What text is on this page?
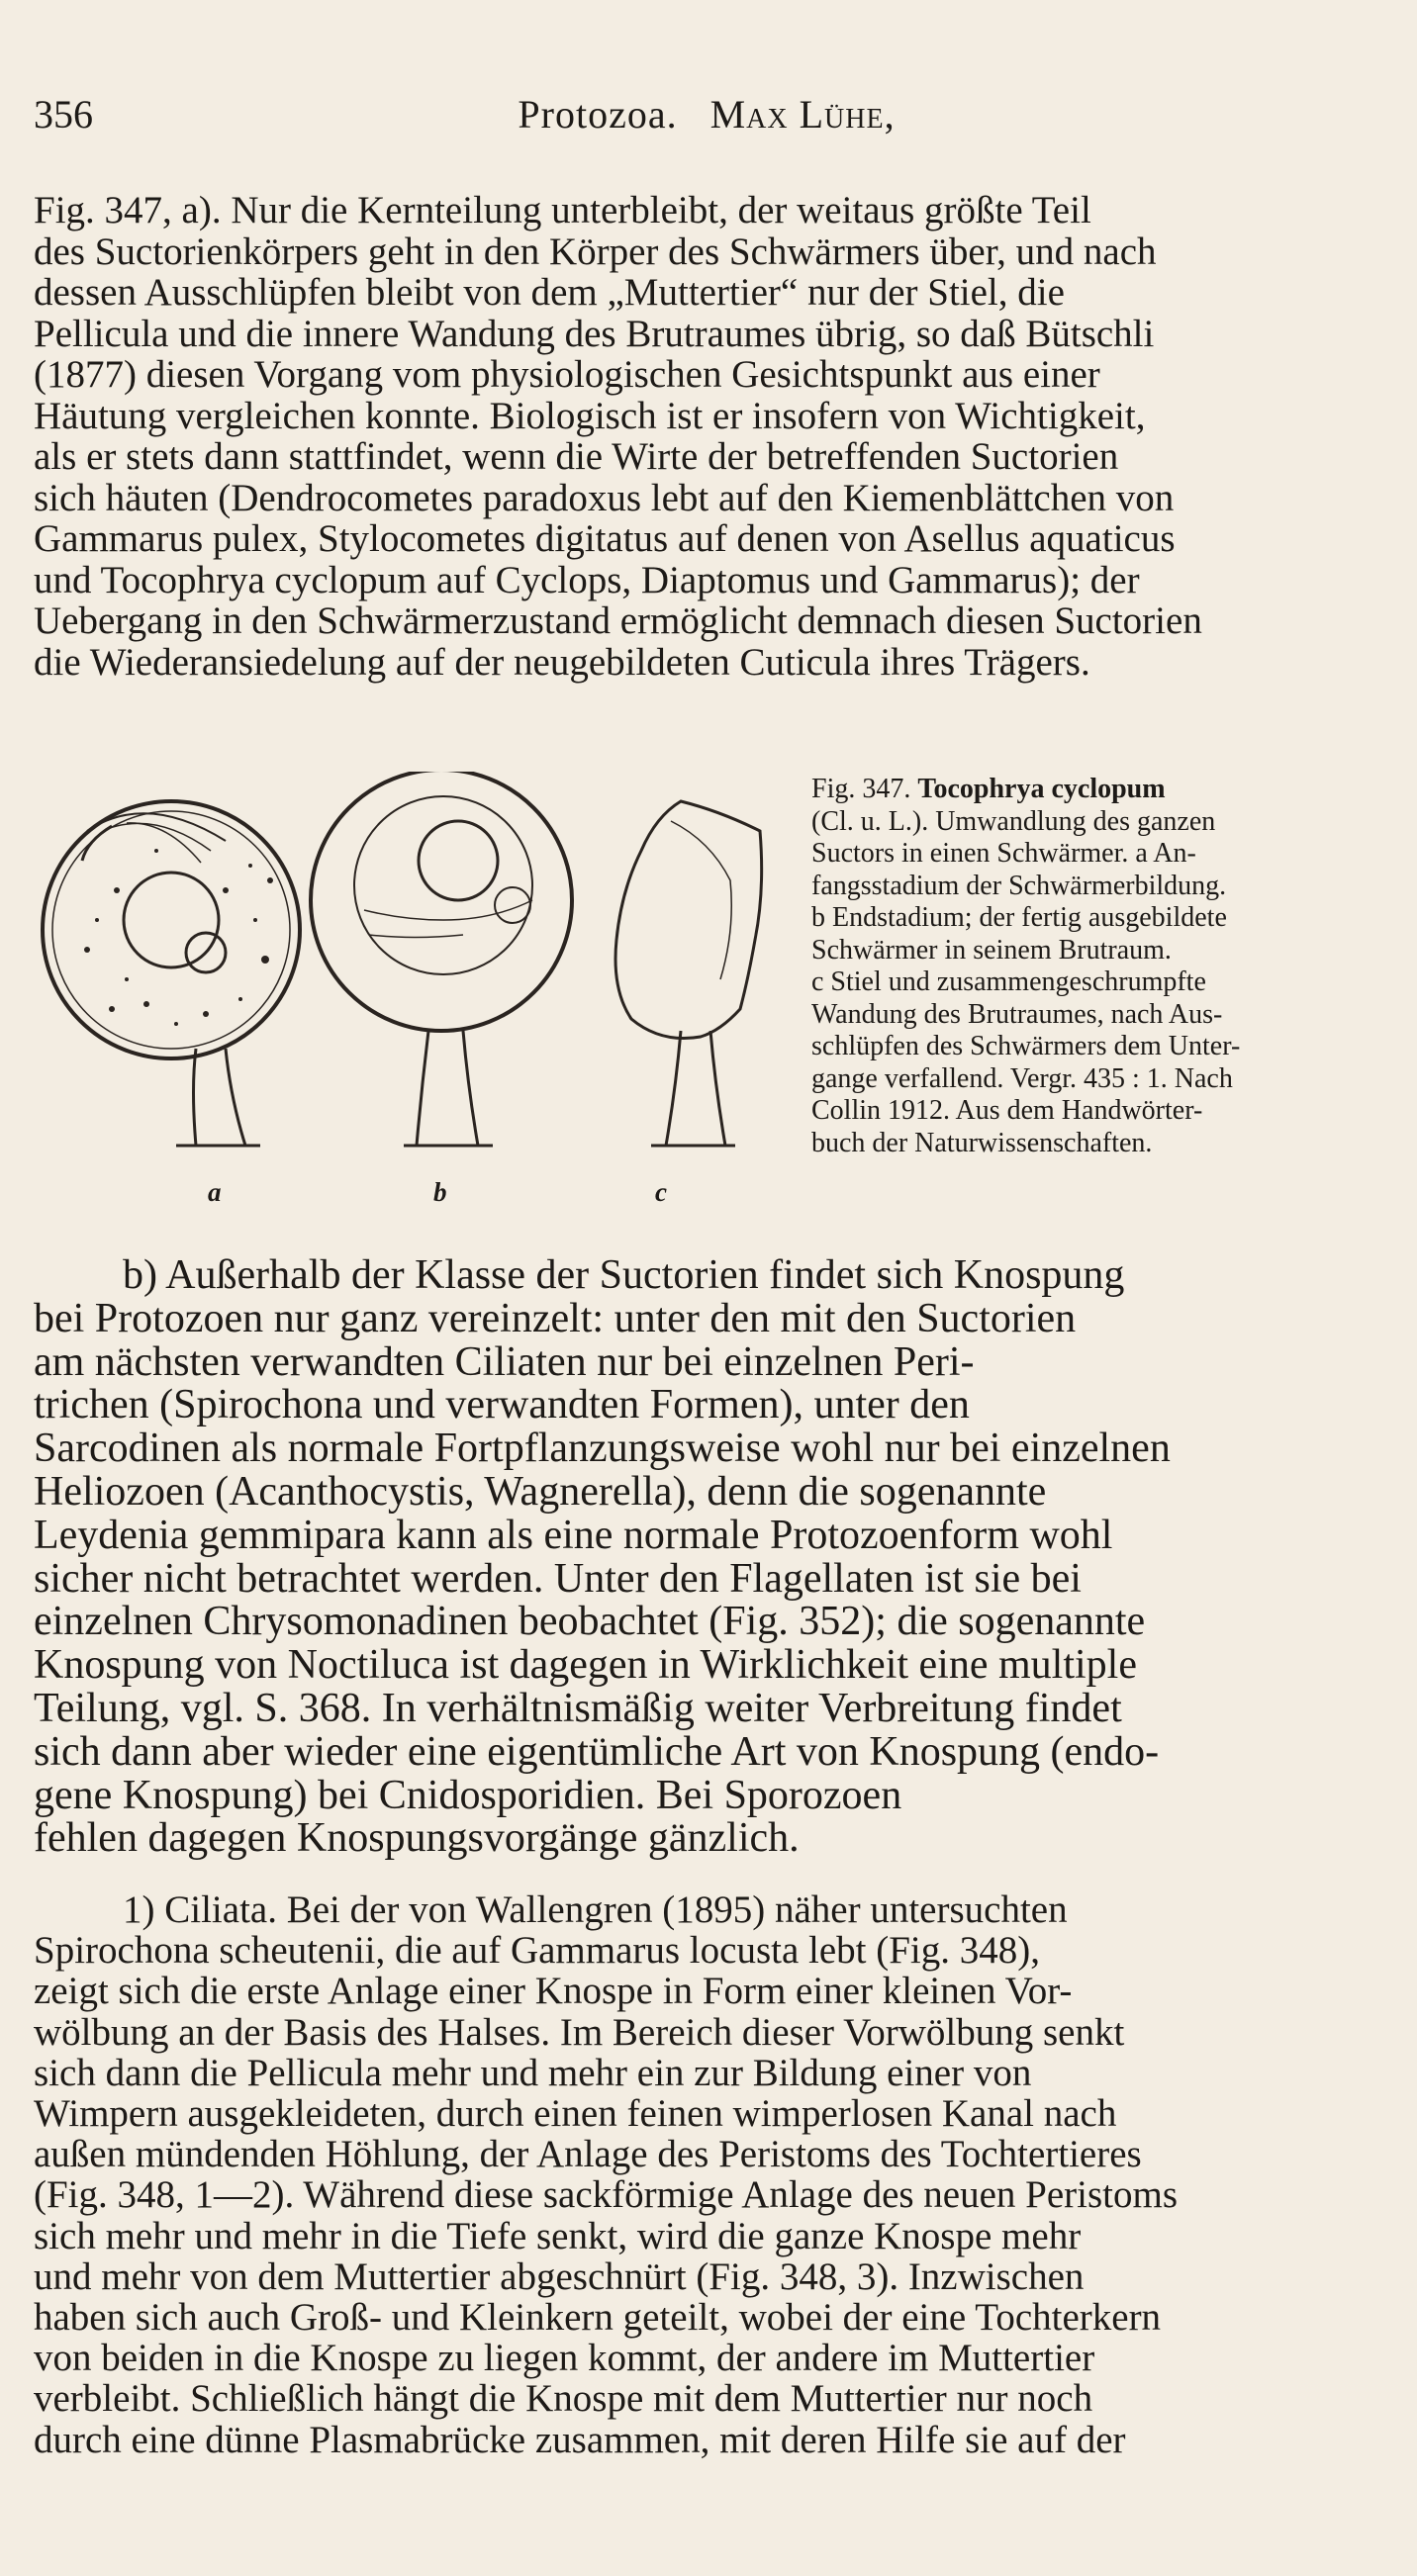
356	Protozoa. Max Lühe,

Fig. 347, a). Nur die Kernteilung unterbleibt, der weitaus größte Teil

des Suctorienkörpers geht in den Körper des Schwärmers über, und nach

dessen Ausschlüpfen bleibt von dem „Muttertier“ nur der Stiel, die

Pellicula und die innere Wandung des Brutraumes übrig, so daß Bütschli

(1877) diesen Vorgang vom physiologischen Gesichtspunkt aus einer

Häutung vergleichen konnte. Biologisch ist er insofern von Wichtigkeit,

als er stets dann stattfindet, wenn die Wirte der betreffenden Suctorien

sich häuten (Dendrocometes paradoxus lebt auf den Kiemenblättchen von

Gammarus pulex, Stylocometes digitatus auf denen von Asellus aquaticus

und Tocophrya cyclopum auf Cyclops, Diaptomus und Gammarus); der

Uebergang in den Schwärmerzustand ermöglicht demnach diesen Suctorien

die Wiederansiedelung auf der neugebildeten Cuticula ihres Trägers.

a	b	c
Fig. 347. Tocophrya cyclopum
(Cl. u. L.). Umwandlung des ganzen
Suctors in einen Schwärmer. a An-
fangsstadium der Schwärmerbildung.
b Endstadium; der fertig ausgebildete
Schwärmer in seinem Brutraum.
c Stiel und zusammengeschrumpfte
Wandung des Brutraumes, nach Aus-
schlüpfen des Schwärmers dem Unter-
gange verfallend. Vergr. 435 : 1. Nach
Collin 1912. Aus dem Handwörter-
buch der Naturwissenschaften.

b) Außerhalb der Klasse der Suctorien findet sich Knospung

bei Protozoen nur ganz vereinzelt: unter den mit den Suctorien

am nächsten verwandten Ciliaten nur bei einzelnen Peri-

trichen (Spirochona und verwandten Formen), unter den

Sarcodinen als normale Fortpflanzungsweise wohl nur bei einzelnen

Heliozoen (Acanthocystis, Wagnerella), denn die sogenannte

Leydenia gemmipara kann als eine normale Protozoenform wohl

sicher nicht betrachtet werden. Unter den Flagellaten ist sie bei

einzelnen Chrysomonadinen beobachtet (Fig. 352); die sogenannte

Knospung von Noctiluca ist dagegen in Wirklichkeit eine multiple

Teilung, vgl. S. 368. In verhältnismäßig weiter Verbreitung findet

sich dann aber wieder eine eigentümliche Art von Knospung (endo-

gene Knospung) bei Cnidosporidien. Bei Sporozoen

fehlen dagegen Knospungsvorgänge gänzlich.

1) Ciliata. Bei der von Wallengren (1895) näher untersuchten

Spirochona scheutenii, die auf Gammarus locusta lebt (Fig. 348),

zeigt sich die erste Anlage einer Knospe in Form einer kleinen Vor-

wölbung an der Basis des Halses. Im Bereich dieser Vorwölbung senkt

sich dann die Pellicula mehr und mehr ein zur Bildung einer von

Wimpern ausgekleideten, durch einen feinen wimperlosen Kanal nach

außen mündenden Höhlung, der Anlage des Peristoms des Tochtertieres

(Fig. 348, 1—2). Während diese sackförmige Anlage des neuen Peristoms

sich mehr und mehr in die Tiefe senkt, wird die ganze Knospe mehr

und mehr von dem Muttertier abgeschnürt (Fig. 348, 3). Inzwischen

haben sich auch Groß- und Kleinkern geteilt, wobei der eine Tochterkern

von beiden in die Knospe zu liegen kommt, der andere im Muttertier

verbleibt. Schließlich hängt die Knospe mit dem Muttertier nur noch

durch eine dünne Plasmabrücke zusammen, mit deren Hilfe sie auf der
